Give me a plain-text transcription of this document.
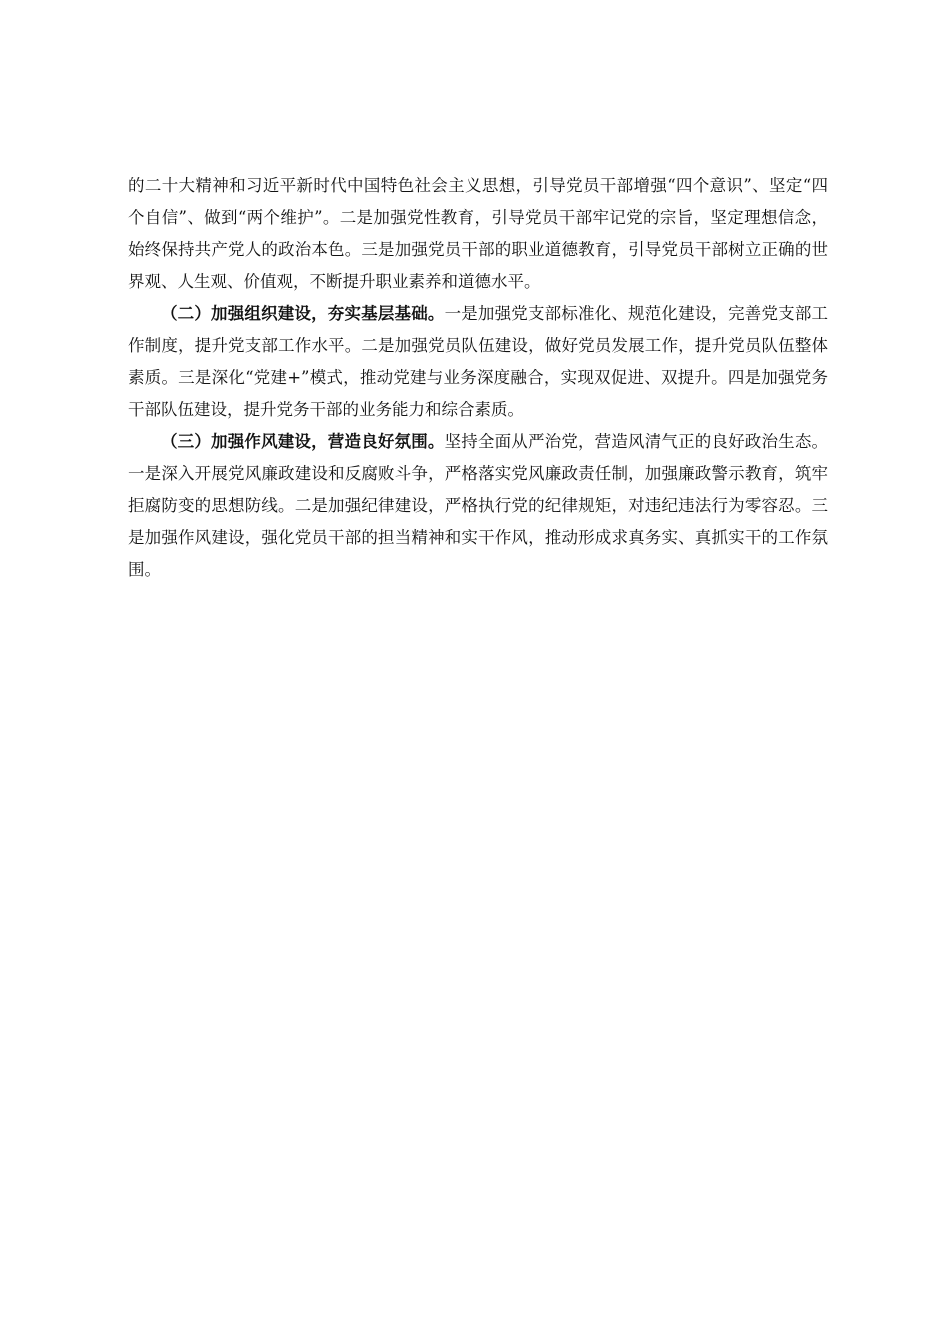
的二十大精神和习近平新时代中国特色社会主义思想，引导党员干部增强“四个意识”、坚定“四个自信”、做到“两个维护”。二是加强党性教育，引导党员干部牢记党的宗旨，坚定理想信念，始终保持共产党人的政治本色。三是加强党员干部的职业道德教育，引导党员干部树立正确的世界观、人生观、价值观，不断提升职业素养和道德水平。

（二）加强组织建设，夯实基层基础。一是加强党支部标准化、规范化建设，完善党支部工作制度，提升党支部工作水平。二是加强党员队伍建设，做好党员发展工作，提升党员队伍整体素质。三是深化“党建+”模式，推动党建与业务深度融合，实现双促进、双提升。四是加强党务干部队伍建设，提升党务干部的业务能力和综合素质。

（三）加强作风建设，营造良好氛围。坚持全面从严治党，营造风清气正的良好政治生态。一是深入开展党风廉政建设和反腐败斗争，严格落实党风廉政责任制，加强廉政警示教育，筑牢拒腐防变的思想防线。二是加强纪律建设，严格执行党的纪律规矩，对违纪违法行为零容忍。三是加强作风建设，强化党员干部的担当精神和实干作风，推动形成求真务实、真抓实干的工作氛围。
